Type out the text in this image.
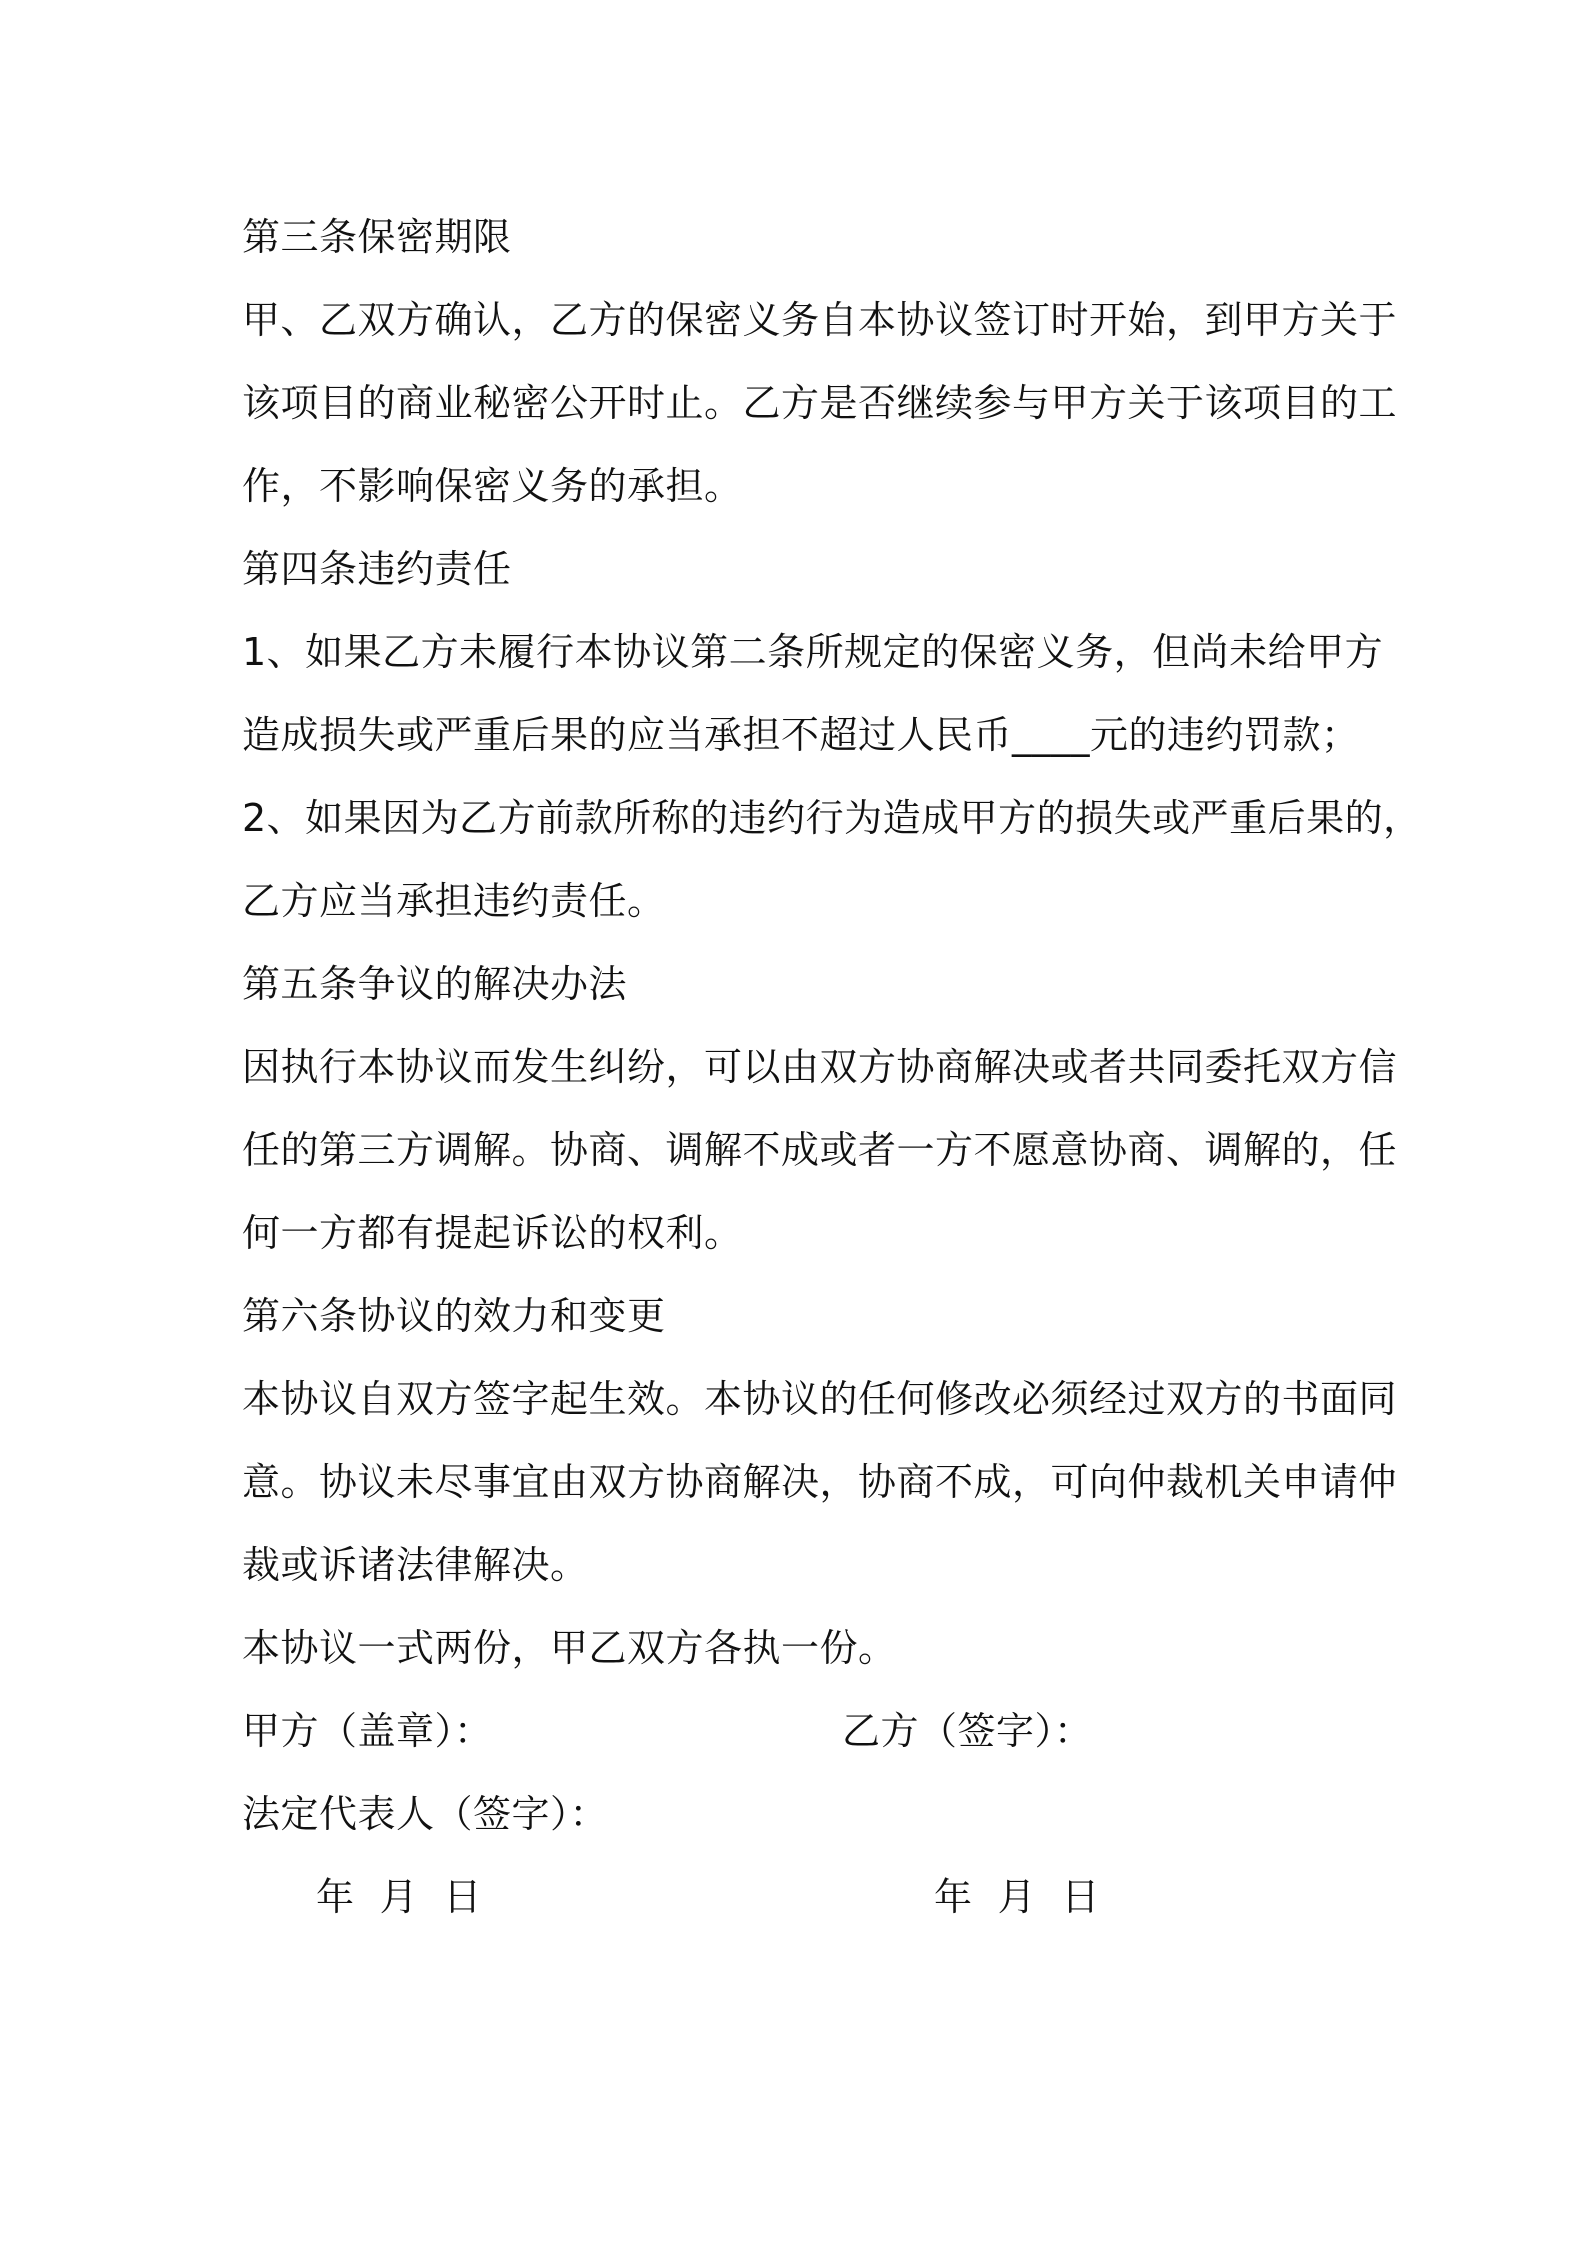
第三条保密期限

甲、乙双方确认，乙方的保密义务自本协议签订时开始，到甲方关于

该项目的商业秘密公开时止。乙方是否继续参与甲方关于该项目的工

作，不影响保密义务的承担。

第四条违约责任

1、如果乙方未履行本协议第二条所规定的保密义务，但尚未给甲方

造成损失或严重后果的应当承担不超过人民币____元的违约罚款；

2、如果因为乙方前款所称的违约行为造成甲方的损失或严重后果的，

乙方应当承担违约责任。

第五条争议的解决办法

因执行本协议而发生纠纷，可以由双方协商解决或者共同委托双方信

任的第三方调解。协商、调解不成或者一方不愿意协商、调解的，任

何一方都有提起诉讼的权利。

第六条协议的效力和变更

本协议自双方签字起生效。本协议的任何修改必须经过双方的书面同

意。协议未尽事宜由双方协商解决，协商不成，可向仲裁机关申请仲

裁或诉诸法律解决。

本协议一式两份，甲乙双方各执一份。

甲方（盖章）：	乙方（签字）：

法定代表人（签字）：

年  月  日	年  月  日
